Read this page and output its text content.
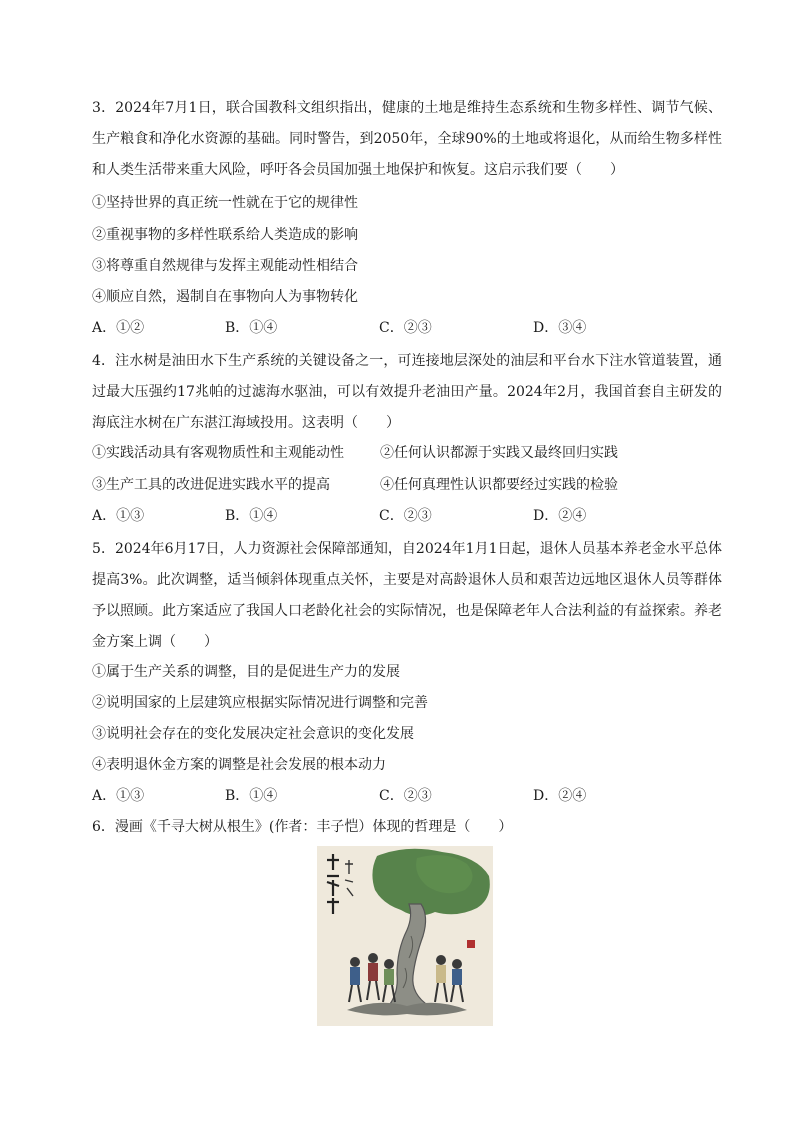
3．2024年7月1日，联合国教科文组织指出，健康的土地是维持生态系统和生物多样性、调节气候、生产粮食和净化水资源的基础。同时警告，到2050年，全球90%的土地或将退化，从而给生物多样性和人类生活带来重大风险，呼吁各会员国加强土地保护和恢复。这启示我们要（　　）

①坚持世界的真正统一性就在于它的规律性
②重视事物的多样性联系给人类造成的影响
③将尊重自然规律与发挥主观能动性相结合
④顺应自然，遏制自在事物向人为事物转化
A．①②	B．①④	C．②③	D．③④

4．注水树是油田水下生产系统的关键设备之一，可连接地层深处的油层和平台水下注水管道装置，通过最大压强约17兆帕的过滤海水驱油，可以有效提升老油田产量。2024年2月，我国首套自主研发的海底注水树在广东湛江海域投用。这表明（　　）

①实践活动具有客观物质性和主观能动性	②任何认识都源于实践又最终回归实践
③生产工具的改进促进实践水平的提高	④任何真理性认识都要经过实践的检验
A．①③	B．①④	C．②③	D．②④

5．2024年6月17日，人力资源社会保障部通知，自2024年1月1日起，退休人员基本养老金水平总体提高3%。此次调整，适当倾斜体现重点关怀，主要是对高龄退休人员和艰苦边远地区退休人员等群体予以照顾。此方案适应了我国人口老龄化社会的实际情况，也是保障老年人合法利益的有益探索。养老金方案上调（　　）

①属于生产关系的调整，目的是促进生产力的发展
②说明国家的上层建筑应根据实际情况进行调整和完善
③说明社会存在的变化发展决定社会意识的变化发展
④表明退休金方案的调整是社会发展的根本动力
A．①③	B．①④	C．②③	D．②④

6．漫画《千寻大树从根生》(作者：丰子恺）体现的哲理是（　　）
